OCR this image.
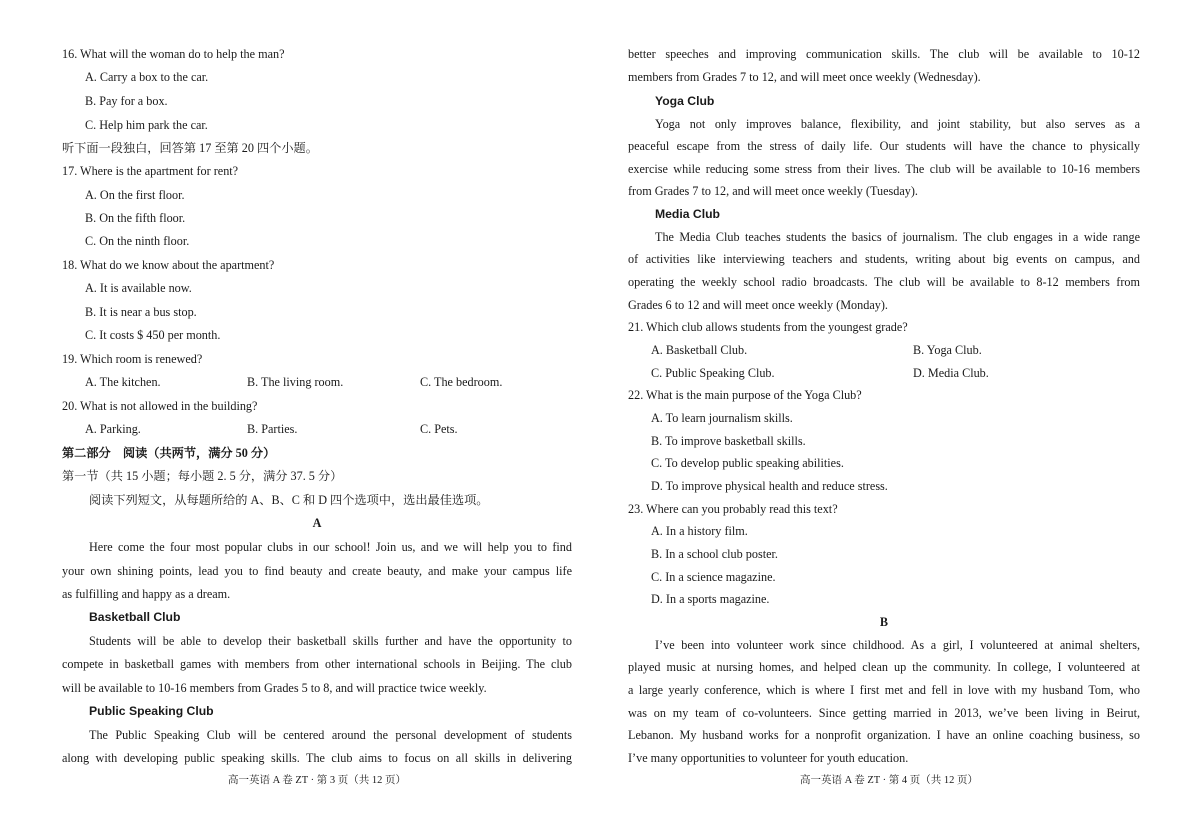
16. What will the woman do to help the man?
A. Carry a box to the car.
B. Pay for a box.
C. Help him park the car.
听下面一段独白，回答第 17 至第 20 四个小题。
17. Where is the apartment for rent?
A. On the first floor.
B. On the fifth floor.
C. On the ninth floor.
18. What do we know about the apartment?
A. It is available now.
B. It is near a bus stop.
C. It costs $ 450 per month.
19. Which room is renewed?
A. The kitchen.	B. The living room.	C. The bedroom.
20. What is not allowed in the building?
A. Parking.	B. Parties.	C. Pets.
第二部分　阅读（共两节，满分 50 分）
第一节（共 15 小题；每小题 2. 5 分，满分 37. 5 分）
阅读下列短文，从每题所给的 A、B、C 和 D 四个选项中，选出最佳选项。
A
Here come the four most popular clubs in our school! Join us, and we will help you to find
your own shining points, lead you to find beauty and create beauty, and make your campus life
as fulfilling and happy as a dream.
Basketball Club
Students will be able to develop their basketball skills further and have the opportunity to
compete in basketball games with members from other international schools in Beijing. The club
will be available to 10-16 members from Grades 5 to 8, and will practice twice weekly.
Public Speaking Club
The Public Speaking Club will be centered around the personal development of students
along with developing public speaking skills. The club aims to focus on all skills in delivering
高一英语 A 卷 ZT · 第 3 页（共 12 页）
better speeches and improving communication skills. The club will be available to 10-12
members from Grades 7 to 12, and will meet once weekly (Wednesday).
Yoga Club
Yoga not only improves balance, flexibility, and joint stability, but also serves as a
peaceful escape from the stress of daily life. Our students will have the chance to physically
exercise while reducing some stress from their lives. The club will be available to 10-16 members
from Grades 7 to 12, and will meet once weekly (Tuesday).
Media Club
The Media Club teaches students the basics of journalism. The club engages in a wide range
of activities like interviewing teachers and students, writing about big events on campus, and
operating the weekly school radio broadcasts. The club will be available to 8-12 members from
Grades 6 to 12 and will meet once weekly (Monday).
21. Which club allows students from the youngest grade?
A. Basketball Club.	B. Yoga Club.
C. Public Speaking Club.	D. Media Club.
22. What is the main purpose of the Yoga Club?
A. To learn journalism skills.
B. To improve basketball skills.
C. To develop public speaking abilities.
D. To improve physical health and reduce stress.
23. Where can you probably read this text?
A. In a history film.
B. In a school club poster.
C. In a science magazine.
D. In a sports magazine.
B
I’ve been into volunteer work since childhood. As a girl, I volunteered at animal shelters,
played music at nursing homes, and helped clean up the community. In college, I volunteered at
a large yearly conference, which is where I first met and fell in love with my husband Tom, who
was on my team of co-volunteers. Since getting married in 2013, we’ve been living in Beirut,
Lebanon. My husband works for a nonprofit organization. I have an online coaching business, so
I’ve many opportunities to volunteer for youth education.
高一英语 A 卷 ZT · 第 4 页（共 12 页）
